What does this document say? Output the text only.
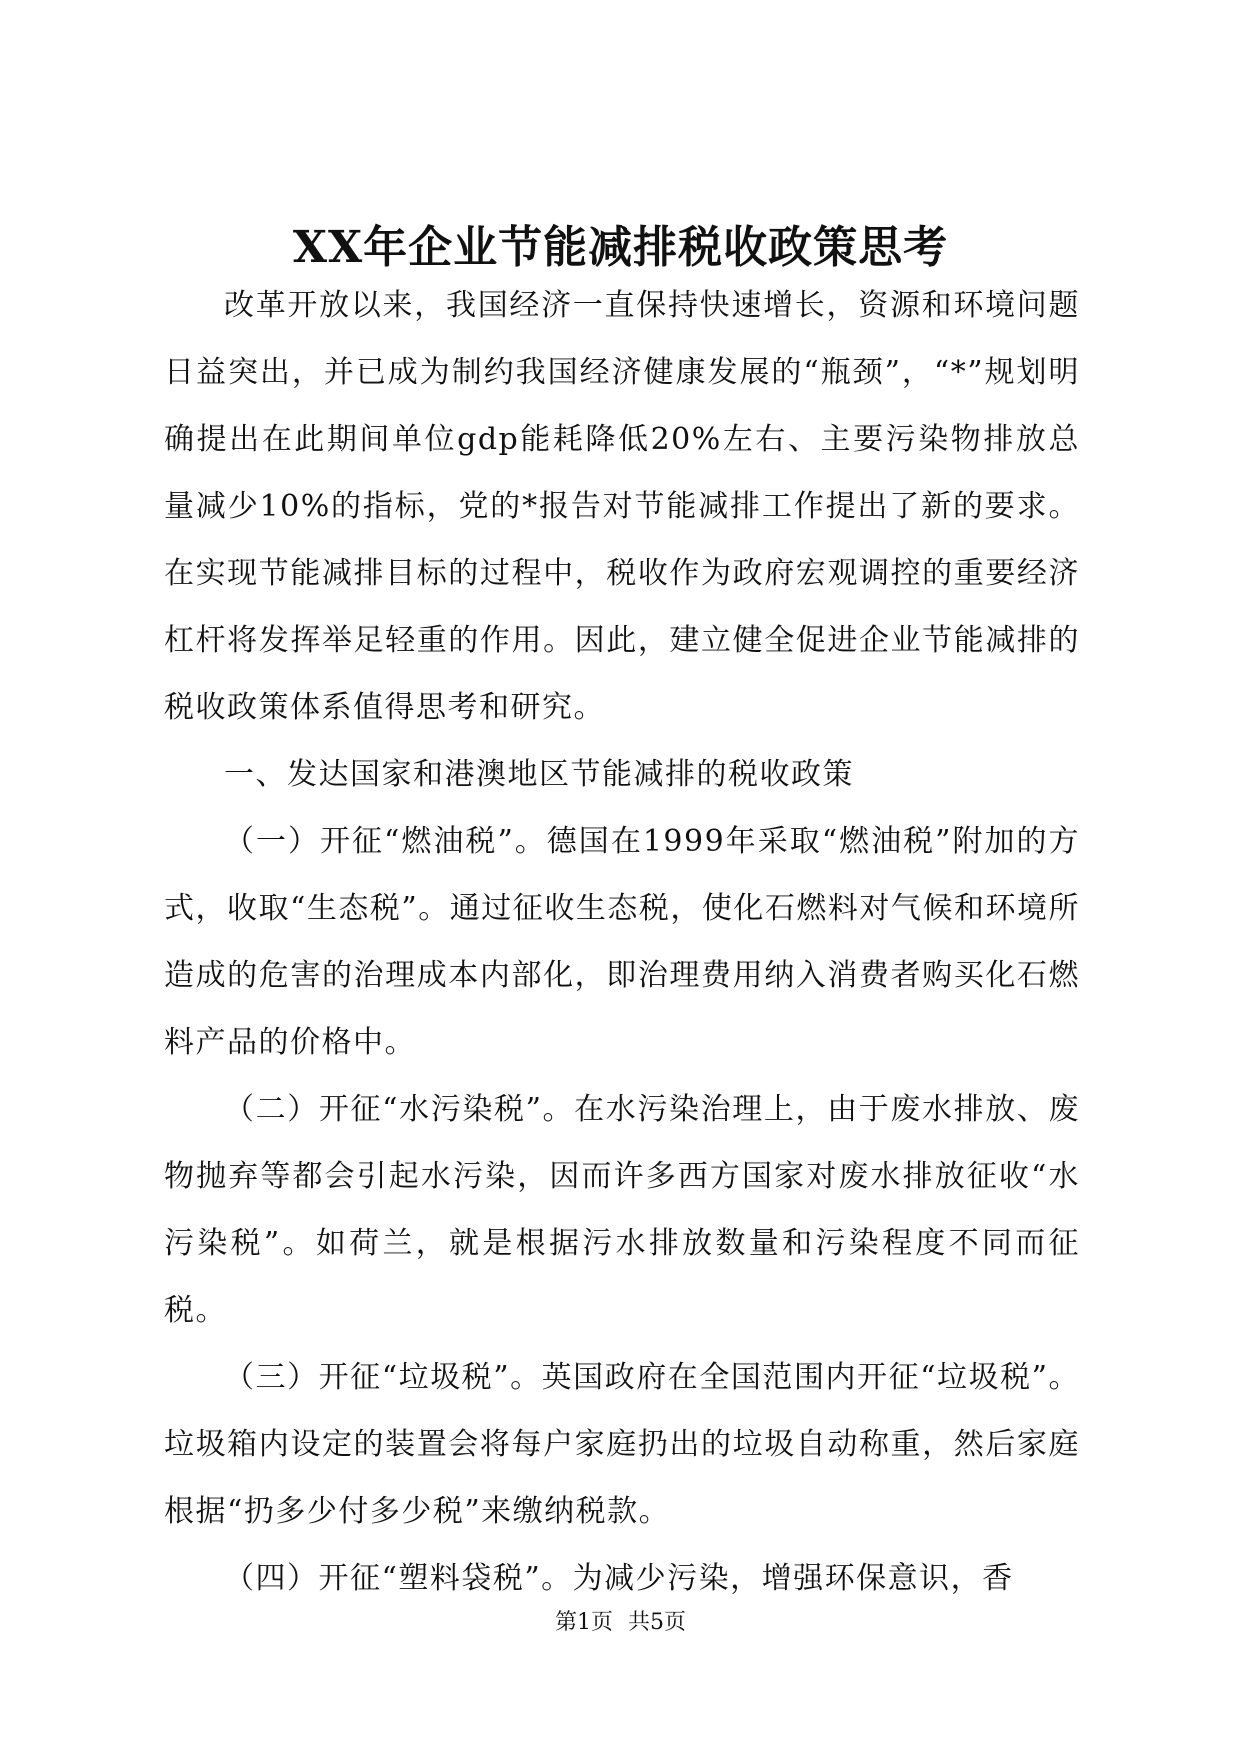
XX年企业节能减排税收政策思考

改革开放以来，我国经济一直保持快速增长，资源和环境问题日益突出，并已成为制约我国经济健康发展的“瓶颈”，“*”规划明确提出在此期间单位gdp能耗降低20%左右、主要污染物排放总量减少10%的指标，党的*报告对节能减排工作提出了新的要求。在实现节能减排目标的过程中，税收作为政府宏观调控的重要经济杠杆将发挥举足轻重的作用。因此，建立健全促进企业节能减排的税收政策体系值得思考和研究。

一、发达国家和港澳地区节能减排的税收政策

（一）开征“燃油税”。德国在1999年采取“燃油税”附加的方式，收取“生态税”。通过征收生态税，使化石燃料对气候和环境所造成的危害的治理成本内部化，即治理费用纳入消费者购买化石燃料产品的价格中。

（二）开征“水污染税”。在水污染治理上，由于废水排放、废物抛弃等都会引起水污染，因而许多西方国家对废水排放征收“水污染税”。如荷兰，就是根据污水排放数量和污染程度不同而征税。

（三）开征“垃圾税”。英国政府在全国范围内开征“垃圾税”。垃圾箱内设定的装置会将每户家庭扔出的垃圾自动称重，然后家庭根据“扔多少付多少税”来缴纳税款。

（四）开征“塑料袋税”。为减少污染，增强环保意识，香

第1页 共5页
